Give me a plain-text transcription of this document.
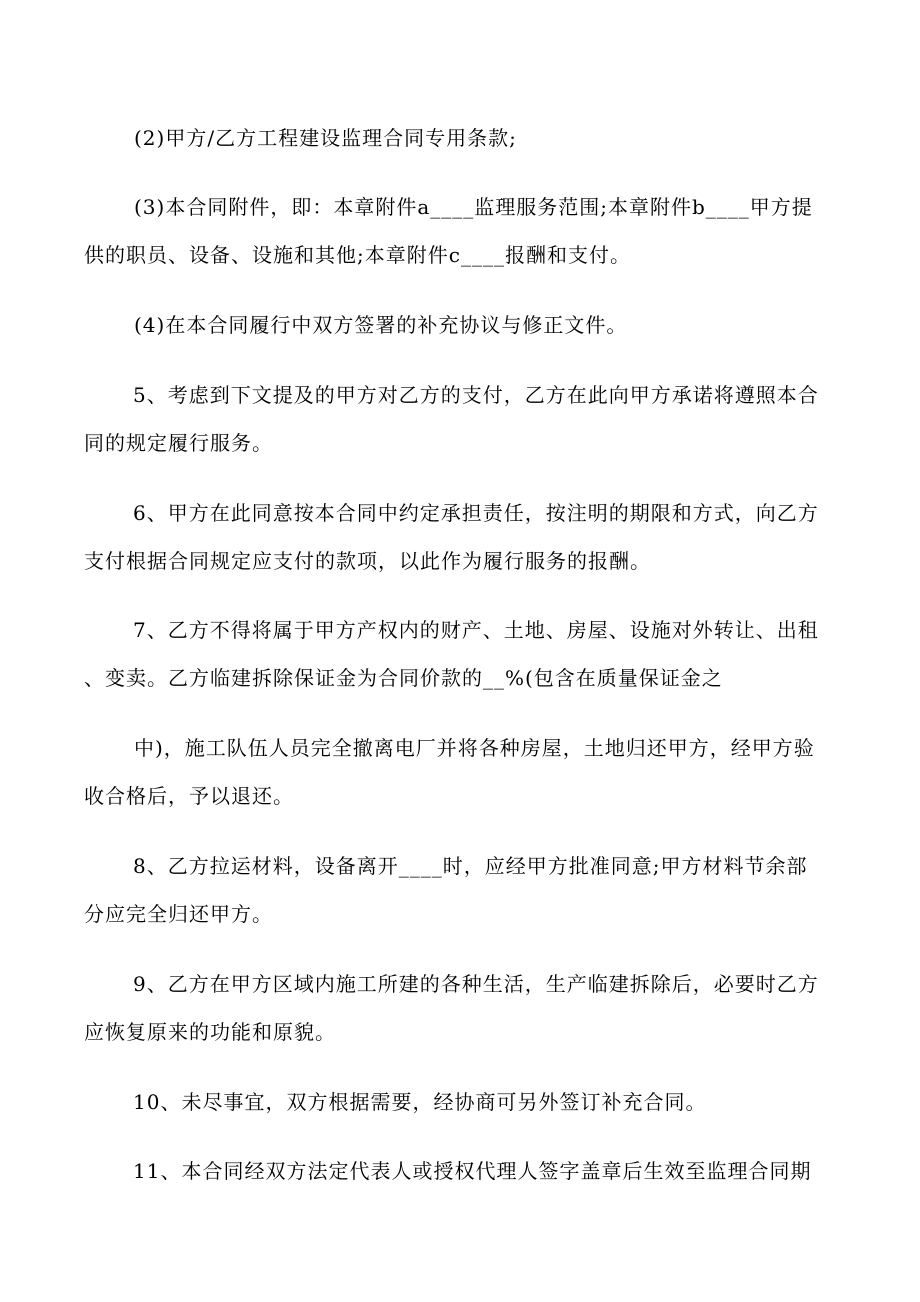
(2)甲方/乙方工程建设监理合同专用条款;
(3)本合同附件，即：本章附件a____监理服务范围;本章附件b____甲方提
供的职员、设备、设施和其他;本章附件c____报酬和支付。
(4)在本合同履行中双方签署的补充协议与修正文件。
5、考虑到下文提及的甲方对乙方的支付，乙方在此向甲方承诺将遵照本合
同的规定履行服务。
6、甲方在此同意按本合同中约定承担责任，按注明的期限和方式，向乙方
支付根据合同规定应支付的款项，以此作为履行服务的报酬。
7、乙方不得将属于甲方产权内的财产、土地、房屋、设施对外转让、出租
、变卖。乙方临建拆除保证金为合同价款的__%(包含在质量保证金之
中)，施工队伍人员完全撤离电厂并将各种房屋，土地归还甲方，经甲方验
收合格后，予以退还。
8、乙方拉运材料，设备离开____时，应经甲方批准同意;甲方材料节余部
分应完全归还甲方。
9、乙方在甲方区域内施工所建的各种生活，生产临建拆除后，必要时乙方
应恢复原来的功能和原貌。
10、未尽事宜，双方根据需要，经协商可另外签订补充合同。
11、本合同经双方法定代表人或授权代理人签字盖章后生效至监理合同期
